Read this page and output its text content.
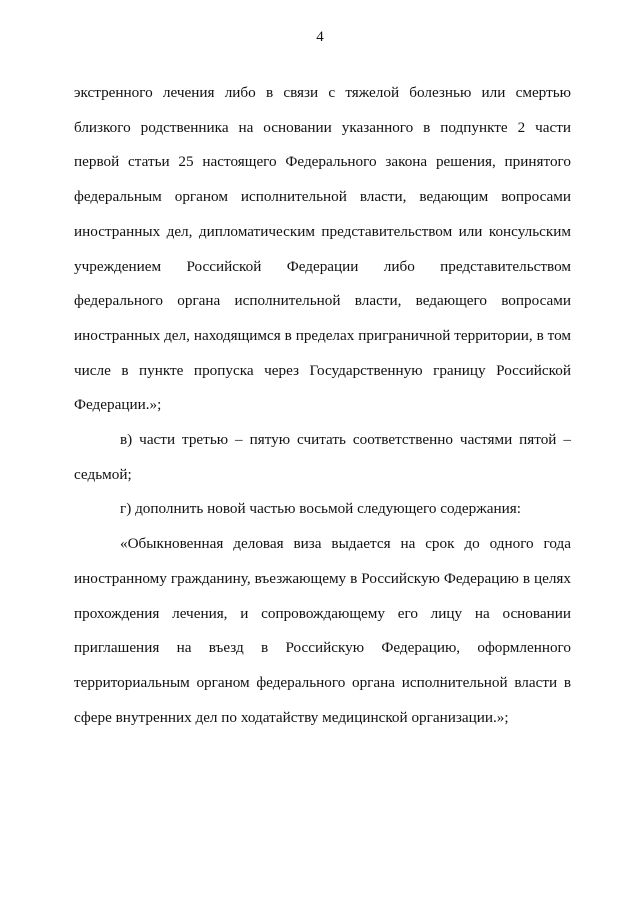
4

экстренного лечения либо в связи с тяжелой болезнью или смертью близкого родственника на основании указанного в подпункте 2 части первой статьи 25 настоящего Федерального закона решения, принятого федеральным органом исполнительной власти, ведающим вопросами иностранных дел, дипломатическим представительством или консульским учреждением Российской Федерации либо представительством федерального органа исполнительной власти, ведающего вопросами иностранных дел, находящимся в пределах приграничной территории, в том числе в пункте пропуска через Государственную границу Российской Федерации.»;

в) части третью – пятую считать соответственно частями пятой – седьмой;

г) дополнить новой частью восьмой следующего содержания:

«Обыкновенная деловая виза выдается на срок до одного года иностранному гражданину, въезжающему в Российскую Федерацию в целях прохождения лечения, и сопровождающему его лицу на основании приглашения на въезд в Российскую Федерацию, оформленного территориальным органом федерального органа исполнительной власти в сфере внутренних дел по ходатайству медицинской организации.»;
